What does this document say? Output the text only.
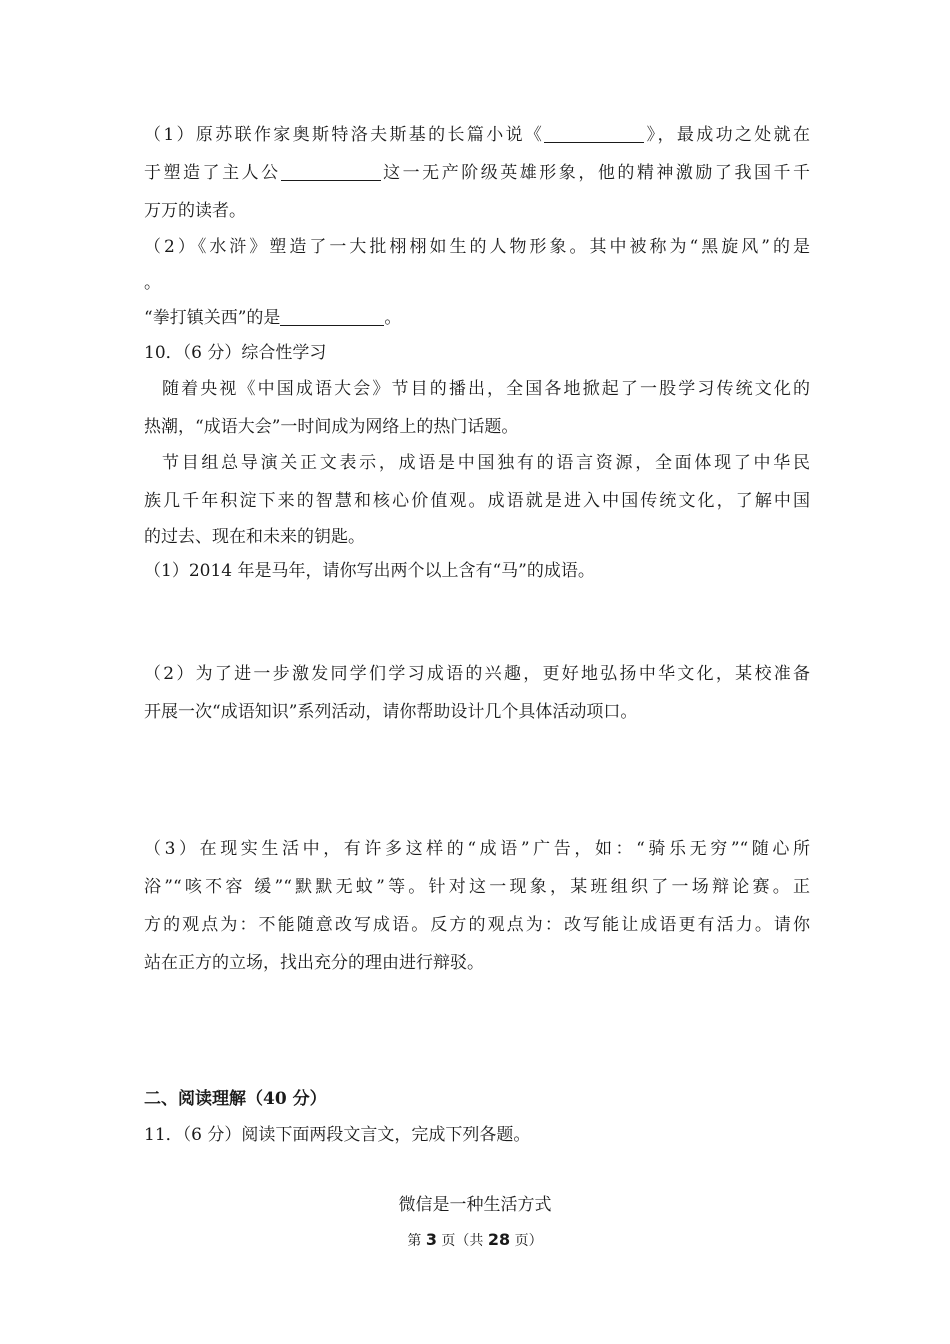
（1）原苏联作家奥斯特洛夫斯基的长篇小说《	》，最成功之处就在
于塑造了主人公	这一无产阶级英雄形象，他的精神激励了我国千千
万万的读者。
（2）《水浒》塑造了一大批栩栩如生的人物形象。其中被称为“黑旋风”的是
。
“拳打镇关西”的是	。
10．（6 分）综合性学习
随着央视《中国成语大会》节目的播出，全国各地掀起了一股学习传统文化的
热潮，“成语大会”一时间成为网络上的热门话题。
节目组总导演关正文表示，成语是中国独有的语言资源，全面体现了中华民
族几千年积淀下来的智慧和核心价值观。成语就是进入中国传统文化，了解中国
的过去、现在和未来的钥匙。
（1）2014 年是马年，请你写出两个以上含有“马”的成语。
（2）为了进一步激发同学们学习成语的兴趣，更好地弘扬中华文化，某校准备
开展一次“成语知识”系列活动，请你帮助设计几个具体活动项口。
（3）在现实生活中，有许多这样的“成语”广告，如：“骑乐无穷”“随心所
浴”“咳不容 缓”“默默无蚊”等。针对这一现象，某班组织了一场辩论赛。正
方的观点为：不能随意改写成语。反方的观点为：改写能让成语更有活力。请你
站在正方的立场，找出充分的理由进行辩驳。
二、阅读理解（40 分）
11．（6 分）阅读下面两段文言文，完成下列各题。
微信是一种生活方式
第 3 页（共 28 页）
